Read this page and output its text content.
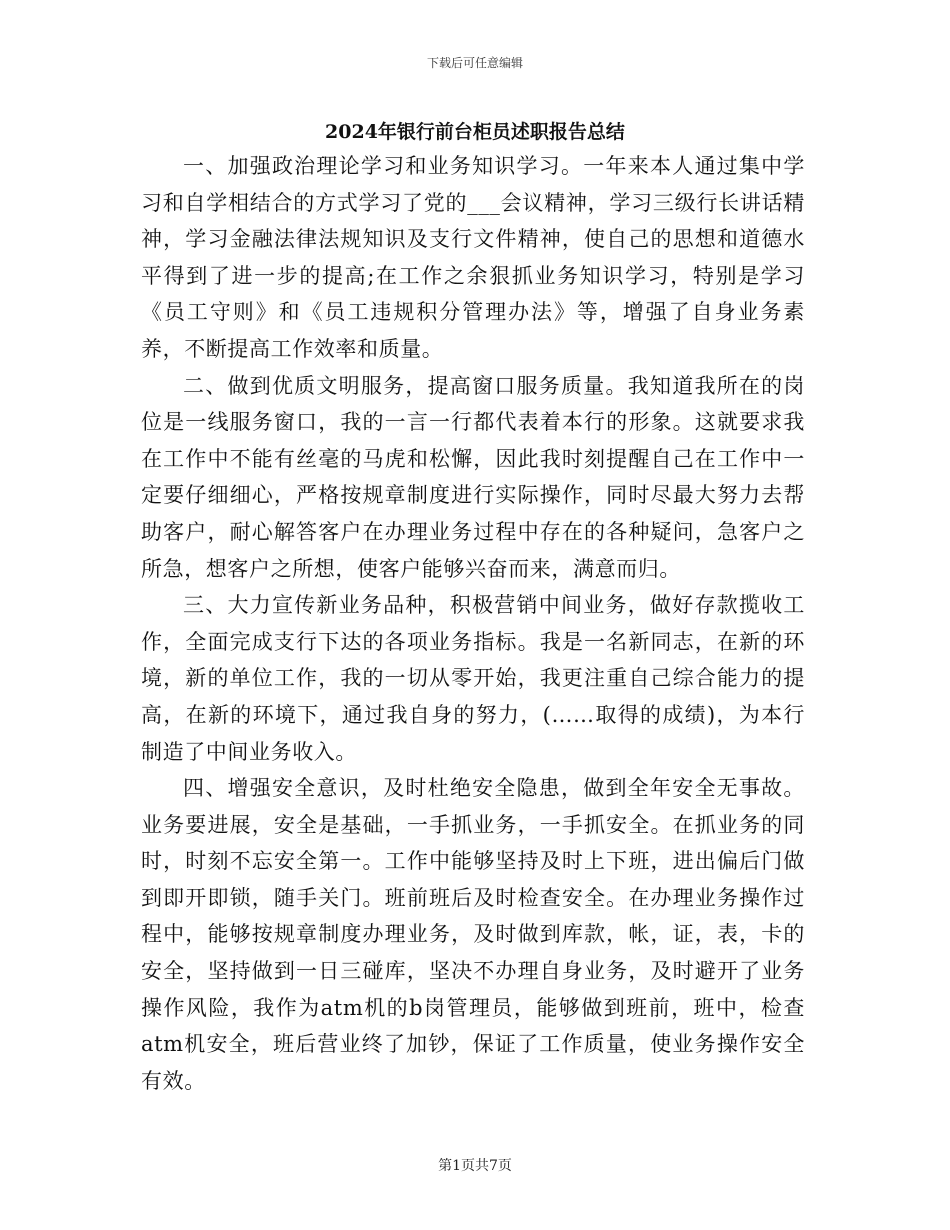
下载后可任意编辑
2024年银行前台柜员述职报告总结

一、加强政治理论学习和业务知识学习。一年来本人通过集中学习和自学相结合的方式学习了党的___会议精神，学习三级行长讲话精神，学习金融法律法规知识及支行文件精神，使自己的思想和道德水平得到了进一步的提高;在工作之余狠抓业务知识学习，特别是学习《员工守则》和《员工违规积分管理办法》等，增强了自身业务素养，不断提高工作效率和质量。

二、做到优质文明服务，提高窗口服务质量。我知道我所在的岗位是一线服务窗口，我的一言一行都代表着本行的形象。这就要求我在工作中不能有丝毫的马虎和松懈，因此我时刻提醒自己在工作中一定要仔细细心，严格按规章制度进行实际操作，同时尽最大努力去帮助客户，耐心解答客户在办理业务过程中存在的各种疑问，急客户之所急，想客户之所想，使客户能够兴奋而来，满意而归。

三、大力宣传新业务品种，积极营销中间业务，做好存款揽收工作，全面完成支行下达的各项业务指标。我是一名新同志，在新的环境，新的单位工作，我的一切从零开始，我更注重自己综合能力的提高，在新的环境下，通过我自身的努力，(……取得的成绩)，为本行制造了中间业务收入。

四、增强安全意识，及时杜绝安全隐患，做到全年安全无事故。业务要进展，安全是基础，一手抓业务，一手抓安全。在抓业务的同时，时刻不忘安全第一。工作中能够坚持及时上下班，进出偏后门做到即开即锁，随手关门。班前班后及时检查安全。在办理业务操作过程中，能够按规章制度办理业务，及时做到库款，帐，证，表，卡的安全，坚持做到一日三碰库，坚决不办理自身业务，及时避开了业务操作风险，我作为atm机的b岗管理员，能够做到班前，班中，检查atm机安全，班后营业终了加钞，保证了工作质量，使业务操作安全有效。

第1页共7页
